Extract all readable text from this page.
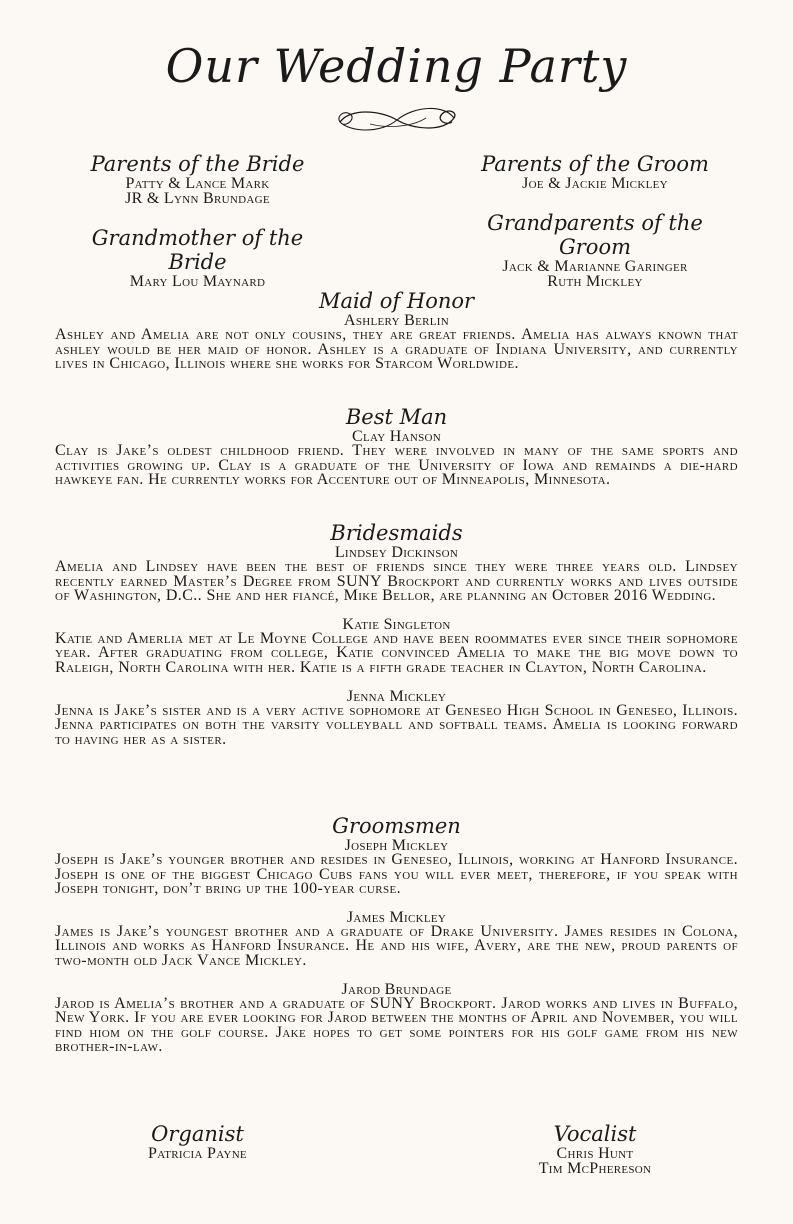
Our Wedding Party
Parents of the Bride
Patty & Lance Mark
JR & Lynn Brundage
Grandmother of the Bride
Mary Lou Maynard
Parents of the Groom
Joe & Jackie Mickley
Grandparents of the Groom
Jack & Marianne Garinger
Ruth Mickley
Maid of Honor
Ashlery Berlin

Ashley and Amelia are not only cousins, they are great friends. Amelia has always known that ashley would be her maid of honor. Ashley is a graduate of Indiana University, and currently lives in Chicago, Illinois where she works for Starcom Worldwide.

Best Man
Clay Hanson

Clay is Jake’s oldest childhood friend. They were involved in many of the same sports and activities growing up. Clay is a graduate of the University of Iowa and remainds a die-hard hawkeye fan. He currently works for Accenture out of Minneapolis, Minnesota.

Bridesmaids
Lindsey Dickinson

Amelia and Lindsey have been the best of friends since they were three years old. Lindsey recently earned Master’s Degree from SUNY Brockport and currently works and lives outside of Washington, D.C.. She and her fiancé, Mike Bellor, are planning an October 2016 Wedding.

Katie Singleton

Katie and Amerlia met at Le Moyne College and have been roommates ever since their sophomore year. After graduating from college, Katie convinced Amelia to make the big move down to Raleigh, North Carolina with her. Katie is a fifth grade teacher in Clayton, North Carolina.

Jenna Mickley

Jenna is Jake’s sister and is a very active sophomore at Geneseo High School in Geneseo, Illinois. Jenna participates on both the varsity volleyball and softball teams. Amelia is looking forward to having her as a sister.

Groomsmen
Joseph Mickley

Joseph is Jake’s younger brother and resides in Geneseo, Illinois, working at Hanford Insurance. Joseph is one of the biggest Chicago Cubs fans you will ever meet, therefore, if you speak with Joseph tonight, don’t bring up the 100-year curse.

James Mickley

James is Jake’s youngest brother and a graduate of Drake University. James resides in Colona, Illinois and works as Hanford Insurance. He and his wife, Avery, are the new, proud parents of two-month old Jack Vance Mickley.

Jarod Brundage

Jarod is Amelia’s brother and a graduate of SUNY Brockport. Jarod works and lives in Buffalo, New York. If you are ever looking for Jarod between the months of April and November, you will find hiom on the golf course. Jake hopes to get some pointers for his golf game from his new brother-in-law.

Organist
Patricia Payne
Vocalist
Chris Hunt
Tim McPhereson
